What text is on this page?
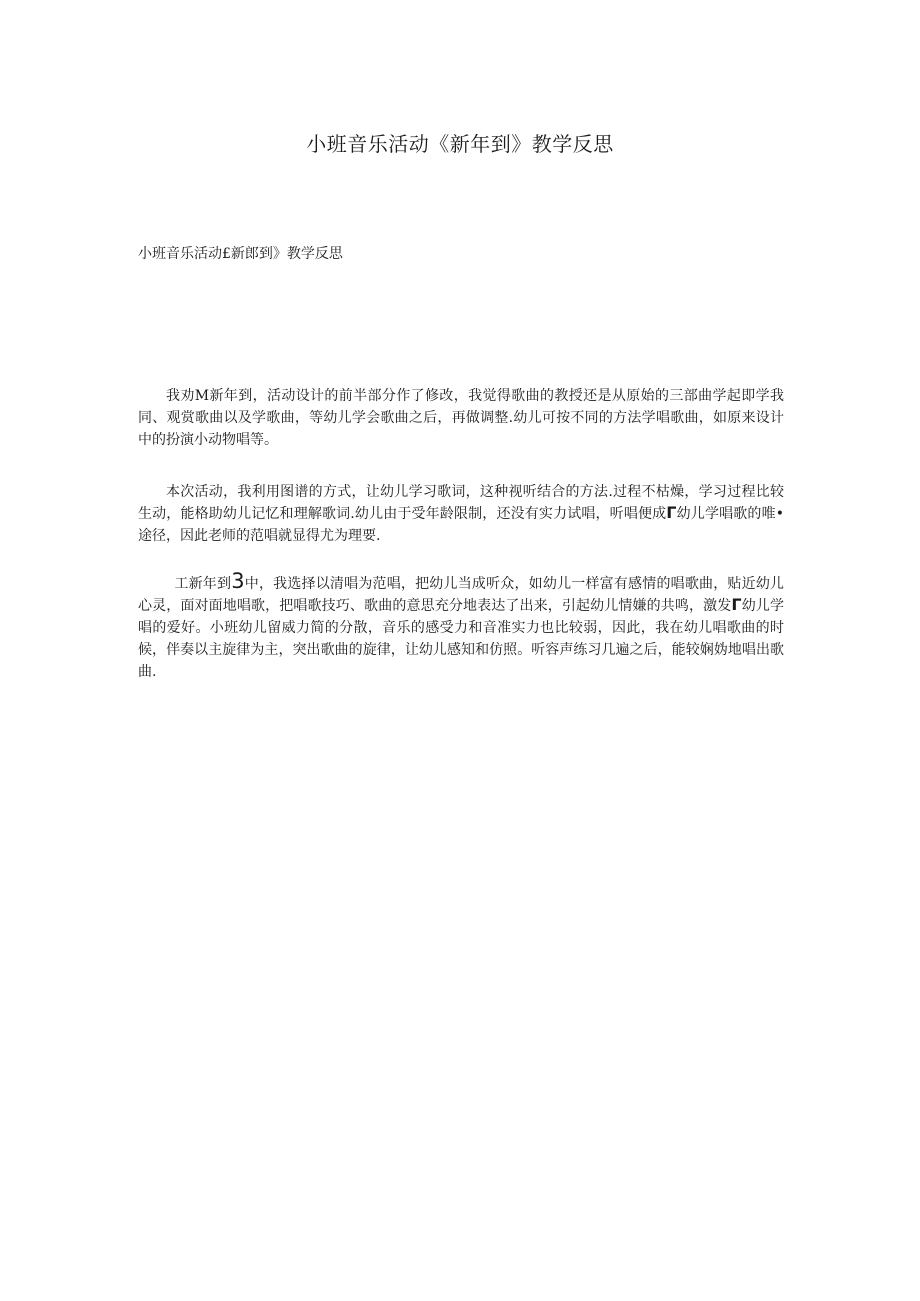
小班音乐活动《新年到》教学反思

小班音乐活动£新郎到》教学反思

我劝M新年到，活动设计的前半部分作了修改，我觉得歌曲的教授还是从原始的三部曲学起即学我同、观赏歌曲以及学歌曲，等幼儿学会歌曲之后，再做调整.幼儿可按不同的方法学唱歌曲，如原来设计中的扮演小动物唱等。

本次活动，我利用图谱的方式，让幼儿学习歌词，这种视听结合的方法.过程不枯燥，学习过程比较生动，能格助幼儿记忆和理解歌词.幼儿由于受年龄限制，还没有实力试唱，听唱便成Γ幼儿学唱歌的唯•途径，因此老师的范唱就显得尤为理要.

工新年到3中，我选择以清唱为范唱，把幼儿当成听众，如幼儿一样富有感情的唱歌曲，贴近幼儿心灵，面对面地唱歌，把唱歌技巧、歌曲的意思充分地表达了出来，引起幼儿情嫌的共鸣，激发Γ幼儿学唱的爱好。小班幼儿留威力简的分散，音乐的感受力和音准实力也比较弱，因此，我在幼儿唱歌曲的时候，伴奏以主旋律为主，突出歌曲的旋律，让幼儿感知和仿照。听容声练习几遍之后，能较娴妫地唱出歌曲.
